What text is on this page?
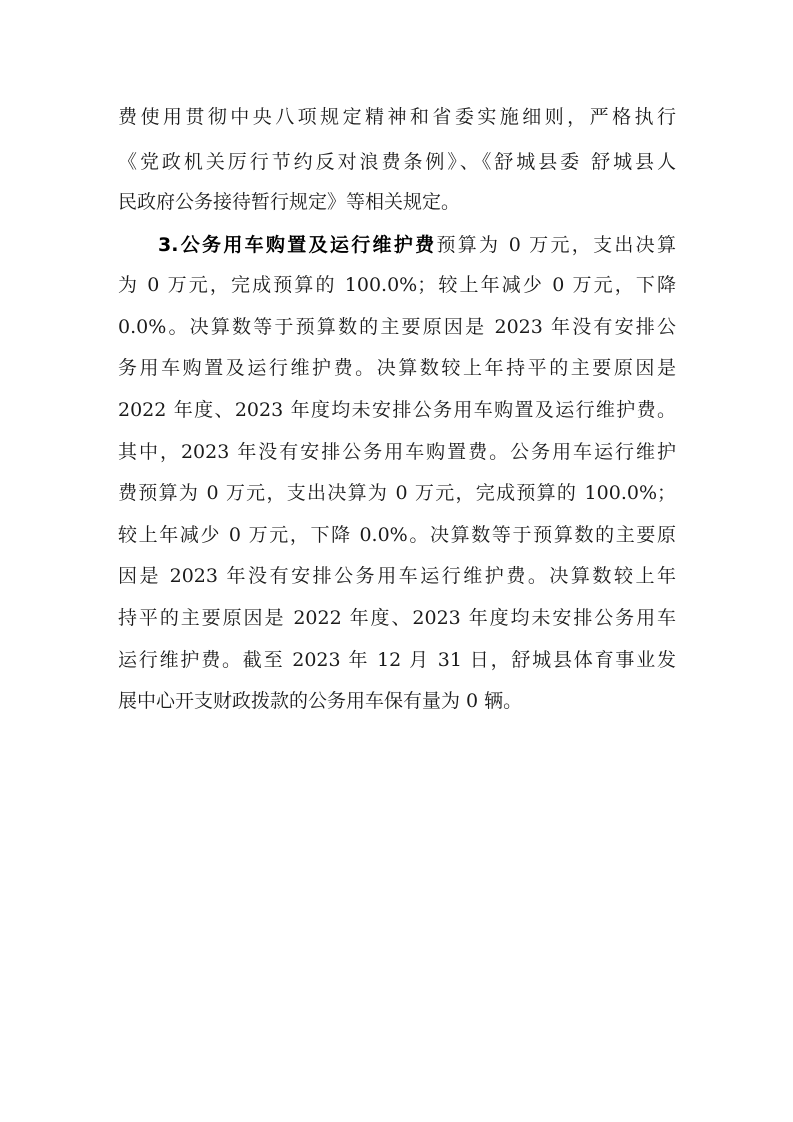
费使用贯彻中央八项规定精神和省委实施细则，严格执行
《党政机关厉行节约反对浪费条例》、《舒城县委 舒城县人
民政府公务接待暂行规定》等相关规定。
3.公务用车购置及运行维护费预算为 0 万元，支出决算
为 0 万元，完成预算的 100.0%；较上年减少 0 万元，下降
0.0%。决算数等于预算数的主要原因是 2023 年没有安排公
务用车购置及运行维护费。决算数较上年持平的主要原因是
2022 年度、2023 年度均未安排公务用车购置及运行维护费。
其中，2023 年没有安排公务用车购置费。公务用车运行维护
费预算为 0 万元，支出决算为 0 万元，完成预算的 100.0%；
较上年减少 0 万元，下降 0.0%。决算数等于预算数的主要原
因是 2023 年没有安排公务用车运行维护费。决算数较上年
持平的主要原因是 2022 年度、2023 年度均未安排公务用车
运行维护费。截至 2023 年 12 月 31 日，舒城县体育事业发
展中心开支财政拨款的公务用车保有量为 0 辆。
